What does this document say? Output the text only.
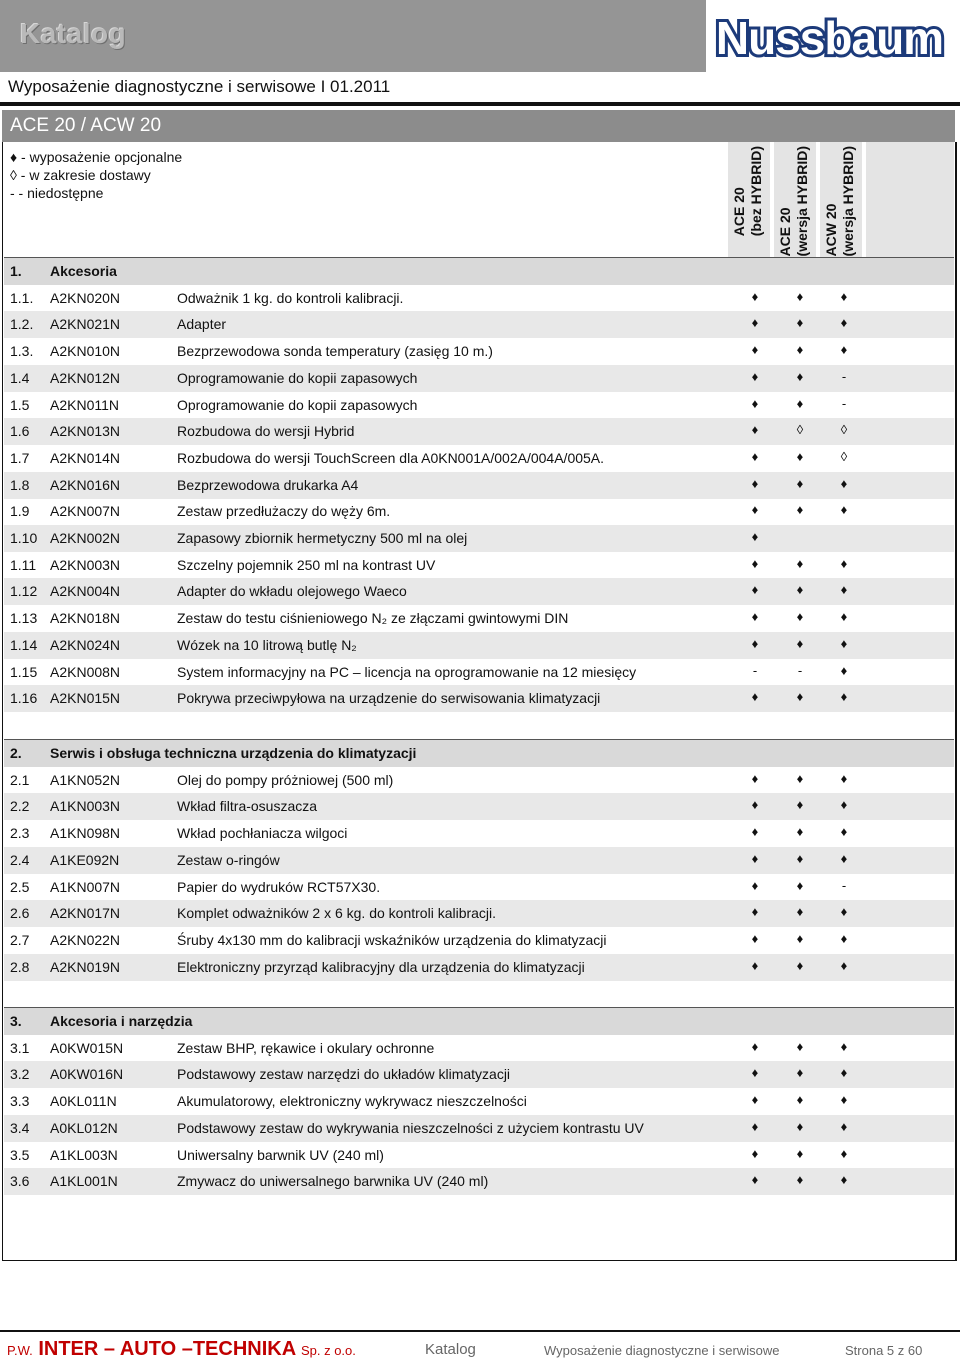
Katalog	Nussbaum
Wyposażenie diagnostyczne i serwisowe I 01.2011
ACE 20 / ACW 20
♦ - wyposażenie opcjonalne
◊ - w zakresie dostawy
- - niedostępne	ACE 20 (bez HYBRID) ACE 20 (wersja HYBRID) ACW 20 (wersja HYBRID)
1. Akcesoria
1.1. A2KN020N	Odważnik 1 kg. do kontroli kalibracji.	♦	♦	♦
1.2. A2KN021N	Adapter	♦	♦	♦
1.3. A2KN010N	Bezprzewodowa sonda temperatury (zasięg 10 m.)	♦	♦	♦
1.4 A2KN012N	Oprogramowanie do kopii zapasowych	♦	♦	-
1.5 A2KN011N	Oprogramowanie do kopii zapasowych	♦	♦	-
1.6 A2KN013N	Rozbudowa do wersji Hybrid	♦	◊	◊
1.7 A2KN014N	Rozbudowa do wersji TouchScreen dla A0KN001A/002A/004A/005A.	♦	♦	◊
1.8 A2KN016N	Bezprzewodowa drukarka A4	♦	♦	♦
1.9 A2KN007N	Zestaw przedłużaczy do węży 6m.	♦	♦	♦
1.10 A2KN002N	Zapasowy zbiornik hermetyczny 500 ml na olej	♦
1.11 A2KN003N	Szczelny pojemnik 250 ml na kontrast UV	♦	♦	♦
1.12 A2KN004N	Adapter do wkładu olejowego Waeco	♦	♦	♦
1.13 A2KN018N	Zestaw do testu ciśnieniowego N₂ ze złączami gwintowymi DIN	♦	♦	♦
1.14 A2KN024N	Wózek na 10 litrową butlę N₂	♦	♦	♦
1.15 A2KN008N	System informacyjny na PC – licencja na oprogramowanie na 12 miesięcy	-	-	♦
1.16 A2KN015N	Pokrywa przeciwpyłowa na urządzenie do serwisowania klimatyzacji	♦	♦	♦
2. Serwis i obsługa techniczna urządzenia do klimatyzacji
2.1 A1KN052N	Olej do pompy próżniowej (500 ml)	♦	♦	♦
2.2 A1KN003N	Wkład filtra-osuszacza	♦	♦	♦
2.3 A1KN098N	Wkład pochłaniacza wilgoci	♦	♦	♦
2.4 A1KE092N	Zestaw o-ringów	♦	♦	♦
2.5 A1KN007N	Papier do wydruków RCT57X30.	♦	♦	-
2.6 A2KN017N	Komplet odważników 2 x 6 kg. do kontroli kalibracji.	♦	♦	♦
2.7 A2KN022N	Śruby 4x130 mm do kalibracji wskaźników urządzenia do klimatyzacji	♦	♦	♦
2.8 A2KN019N	Elektroniczny przyrząd kalibracyjny dla urządzenia do klimatyzacji	♦	♦	♦
3. Akcesoria i narzędzia
3.1 A0KW015N	Zestaw BHP, rękawice i okulary ochronne	♦	♦	♦
3.2 A0KW016N	Podstawowy zestaw narzędzi do układów klimatyzacji	♦	♦	♦
3.3 A0KL011N	Akumulatorowy, elektroniczny wykrywacz nieszczelności	♦	♦	♦
3.4 A0KL012N	Podstawowy zestaw do wykrywania nieszczelności z użyciem kontrastu UV	♦	♦	♦
3.5 A1KL003N	Uniwersalny barwnik UV (240 ml)	♦	♦	♦
3.6 A1KL001N	Zmywacz do uniwersalnego barwnika UV (240 ml)	♦	♦	♦
P.W. INTER – AUTO –TECHNIKA Sp. z o.o.	Katalog	Wyposażenie diagnostyczne i serwisowe	Strona 5 z 60
